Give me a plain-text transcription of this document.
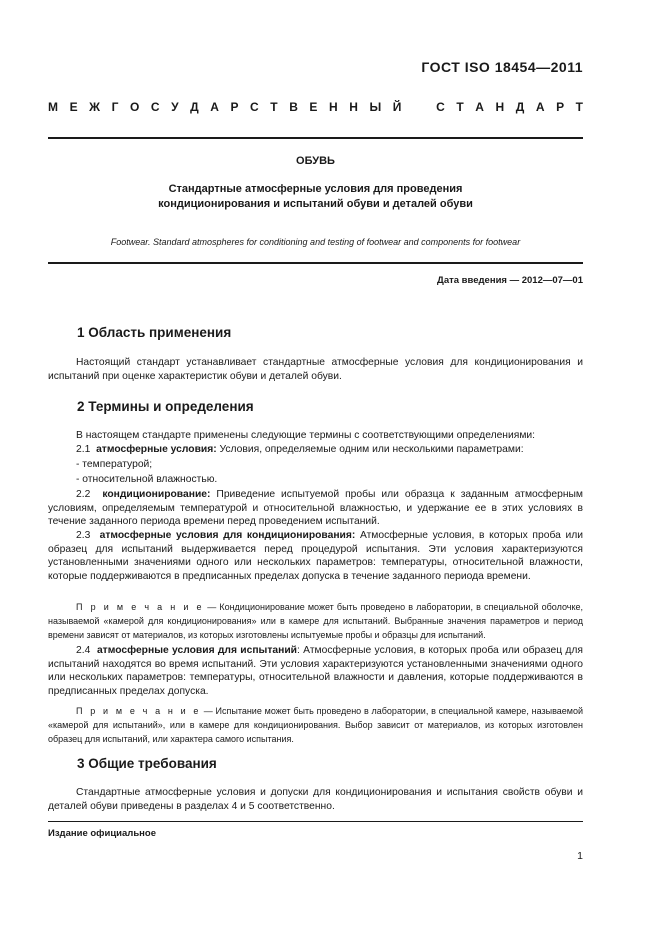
ГОСТ ISO 18454—2011
М Е Ж Г О С У Д А Р С Т В Е Н Н Ы Й	С Т А Н Д А Р Т
ОБУВЬ
Стандартные атмосферные условия для проведения
кондиционирования и испытаний обуви и деталей обуви
Footwear. Standard atmospheres for conditioning and testing of footwear and components for footwear
Дата введения — 2012—07—01
1 Область применения
Настоящий стандарт устанавливает стандартные атмосферные условия для кондиционирования и испытаний при оценке характеристик обуви и деталей обуви.
2 Термины и определения
В настоящем стандарте применены следующие термины с соответствующими определениями:
2.1 атмосферные условия: Условия, определяемые одним или несколькими параметрами:
- температурой;
- относительной влажностью.
2.2 кондиционирование: Приведение испытуемой пробы или образца к заданным атмосферным условиям, определяемым температурой и относительной влажностью, и удержание ее в этих условиях в течение заданного периода времени перед проведением испытаний.
2.3 атмосферные условия для кондиционирования: Атмосферные условия, в которых проба или образец для испытаний выдерживается перед процедурой испытания. Эти условия характеризуются установленными значениями одного или нескольких параметров: температуры, относительной влажности, которые поддерживаются в предписанных пределах допуска в течение заданного периода времени.
П р и м е ч а н и е — Кондиционирование может быть проведено в лаборатории, в специальной оболочке, называемой «камерой для кондиционирования» или в камере для испытаний. Выбранные значения параметров и период времени зависят от материалов, из которых изготовлены испытуемые пробы и образцы для испытаний.
2.4 атмосферные условия для испытаний: Атмосферные условия, в которых проба или образец для испытаний находятся во время испытаний. Эти условия характеризуются установленными значениями одного или нескольких параметров: температуры, относительной влажности и давления, которые поддерживаются в предписанных пределах допуска.
П р и м е ч а н и е — Испытание может быть проведено в лаборатории, в специальной камере, называемой «камерой для испытаний», или в камере для кондиционирования. Выбор зависит от материалов, из которых изготовлен образец для испытаний, или характера самого испытания.
3 Общие требования
Стандартные атмосферные условия и допуски для кондиционирования и испытания свойств обуви и деталей обуви приведены в разделах 4 и 5 соответственно.
Издание официальное
1
